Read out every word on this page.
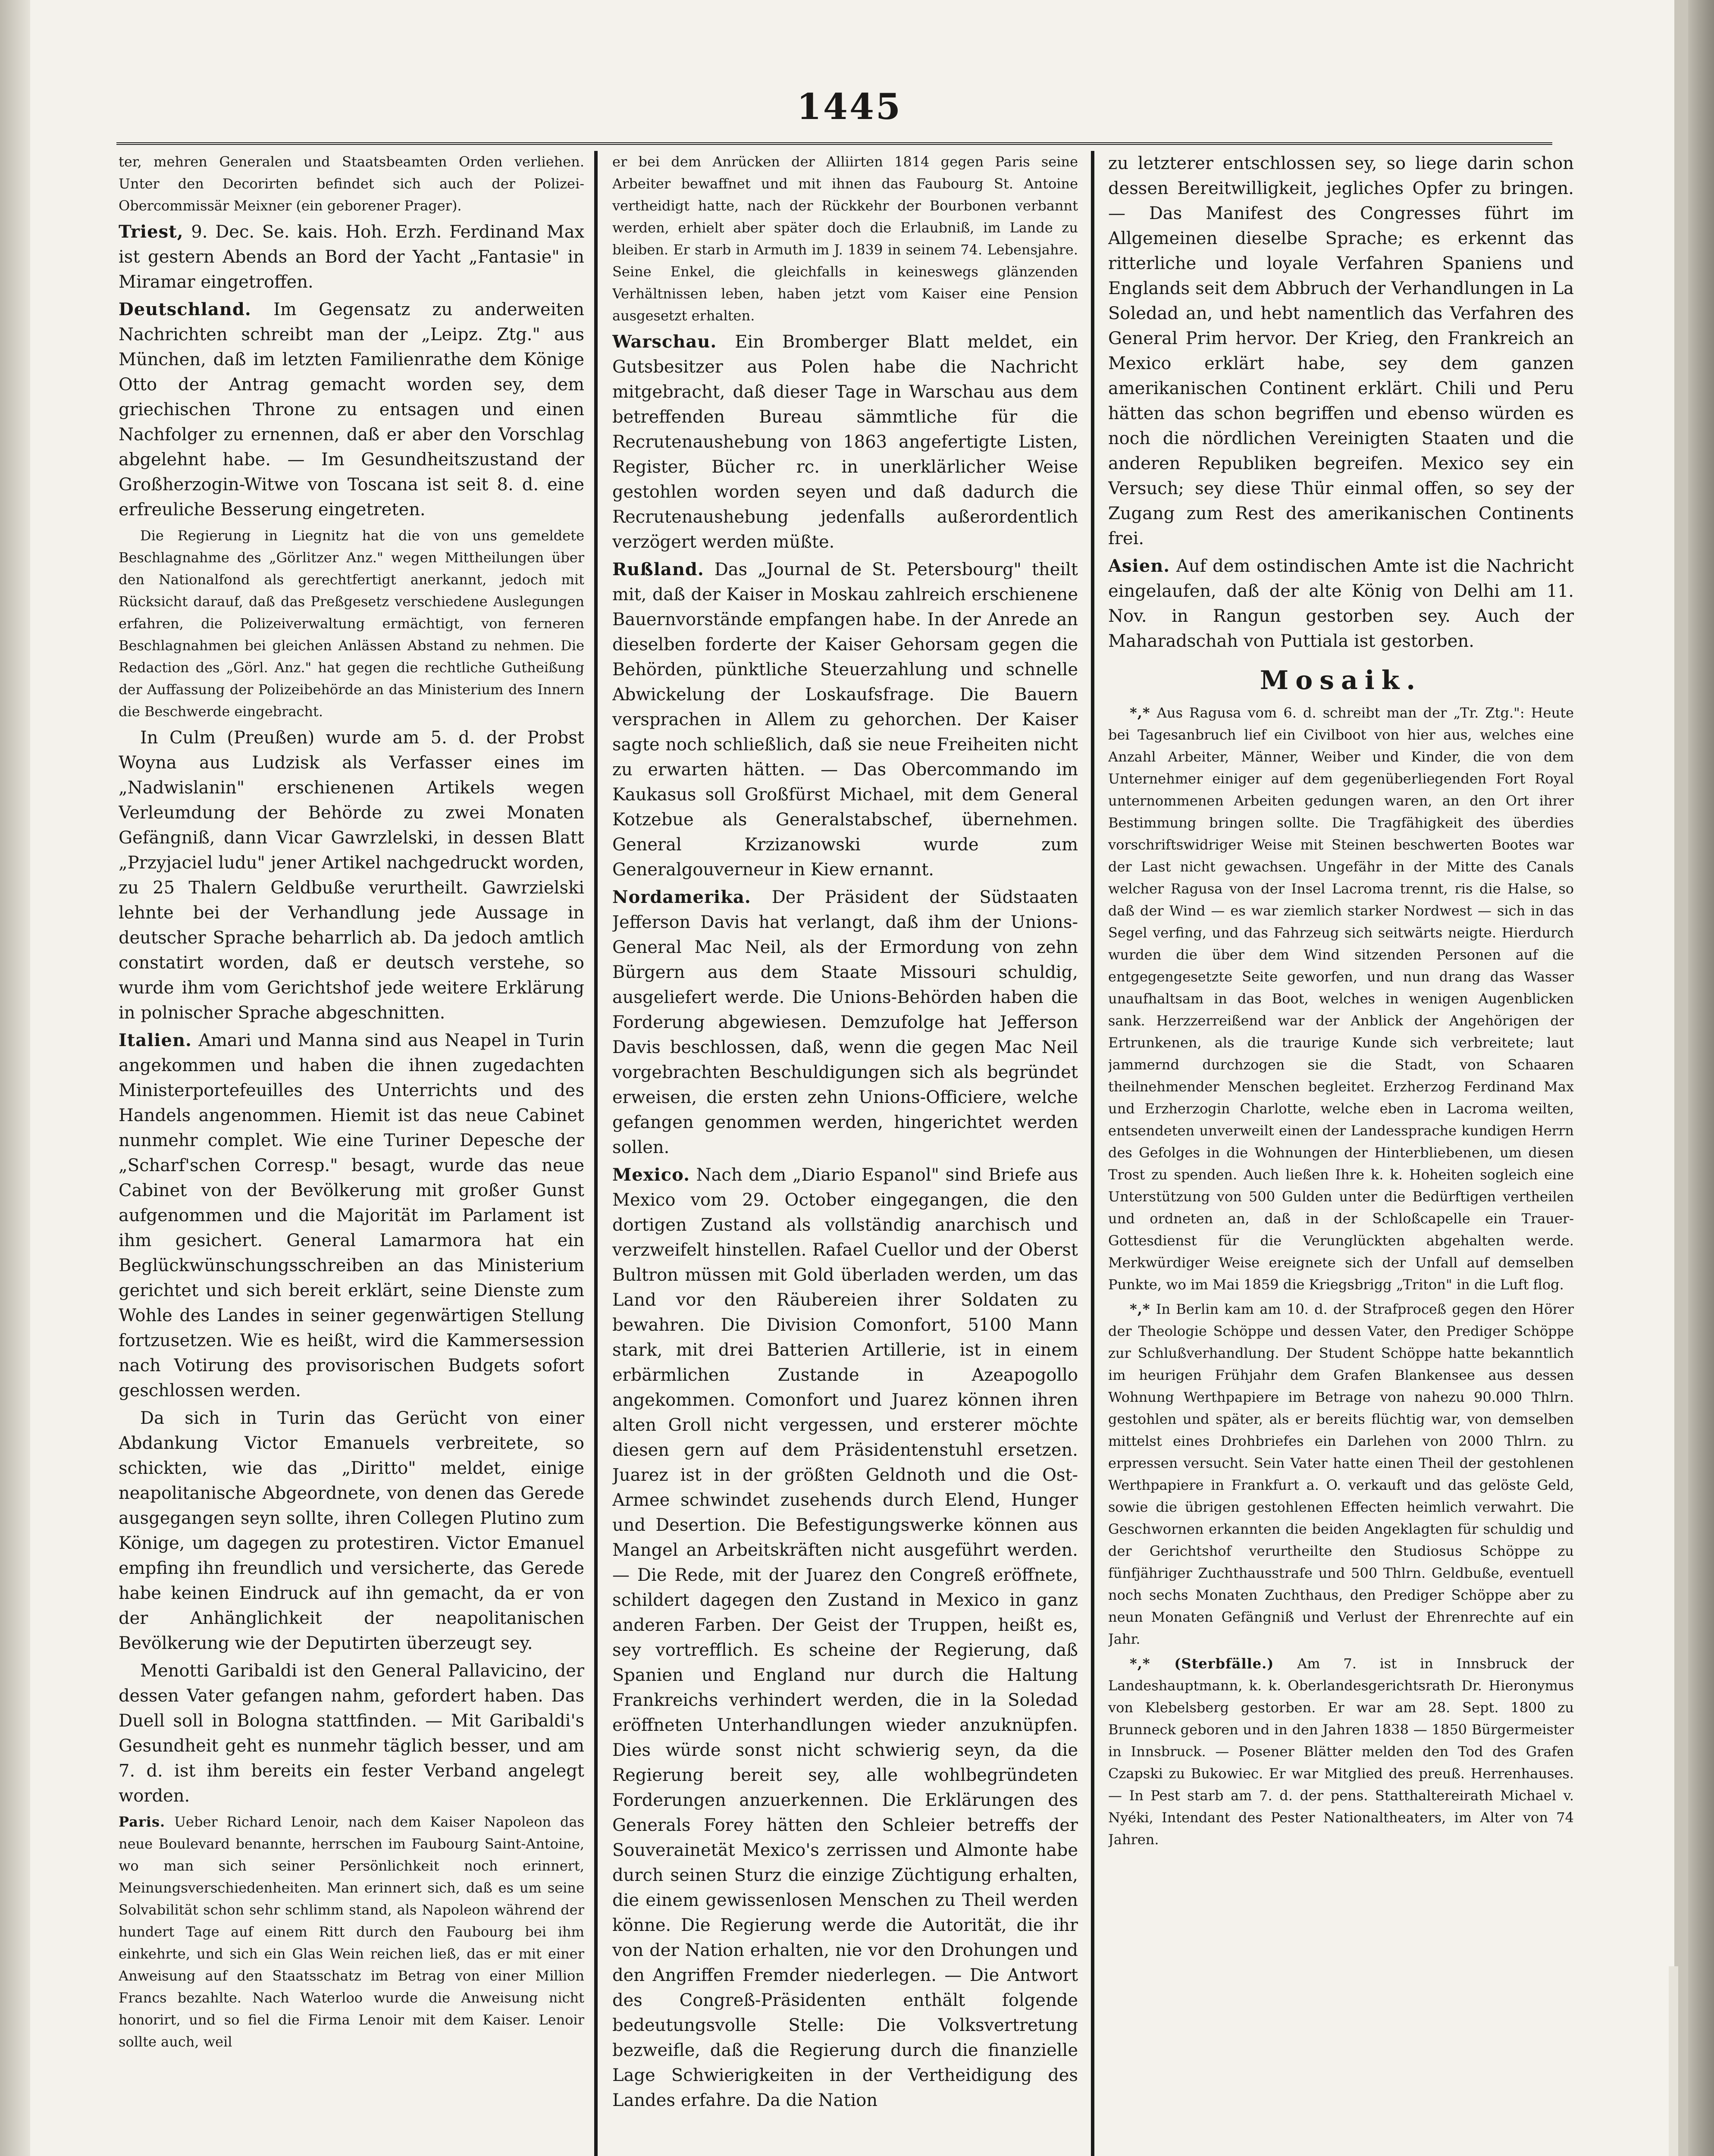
1445

ter, mehren Generalen und Staatsbeamten Orden verliehen. Unter den Decorirten befindet sich auch der Polizei-Obercommissär Meixner (ein geborener Prager).

Triest, 9. Dec. Se. kais. Hoh. Erzh. Ferdinand Max ist gestern Abends an Bord der Yacht „Fantasie" in Miramar eingetroffen.

Deutschland. Im Gegensatz zu anderweiten Nachrichten schreibt man der „Leipz. Ztg." aus München, daß im letzten Familienrathe dem Könige Otto der Antrag gemacht worden sey, dem griechischen Throne zu entsagen und einen Nachfolger zu ernennen, daß er aber den Vorschlag abgelehnt habe. — Im Gesundheitszustand der Großherzogin-Witwe von Toscana ist seit 8. d. eine erfreuliche Besserung eingetreten.

Die Regierung in Liegnitz hat die von uns gemeldete Beschlagnahme des „Görlitzer Anz." wegen Mittheilungen über den Nationalfond als gerechtfertigt anerkannt, jedoch mit Rücksicht darauf, daß das Preßgesetz verschiedene Auslegungen erfahren, die Polizeiverwaltung ermächtigt, von ferneren Beschlagnahmen bei gleichen Anlässen Abstand zu nehmen. Die Redaction des „Görl. Anz." hat gegen die rechtliche Gutheißung der Auffassung der Polizeibehörde an das Ministerium des Innern die Beschwerde eingebracht.

In Culm (Preußen) wurde am 5. d. der Probst Woyna aus Ludzisk als Verfasser eines im „Nadwislanin" erschienenen Artikels wegen Verleumdung der Behörde zu zwei Monaten Gefängniß, dann Vicar Gawrzlelski, in dessen Blatt „Przyjaciel ludu" jener Artikel nachgedruckt worden, zu 25 Thalern Geldbuße verurtheilt. Gawrzielski lehnte bei der Verhandlung jede Aussage in deutscher Sprache beharrlich ab. Da jedoch amtlich constatirt worden, daß er deutsch verstehe, so wurde ihm vom Gerichtshof jede weitere Erklärung in polnischer Sprache abgeschnitten.

Italien. Amari und Manna sind aus Neapel in Turin angekommen und haben die ihnen zugedachten Ministerportefeuilles des Unterrichts und des Handels angenommen. Hiemit ist das neue Cabinet nunmehr complet. Wie eine Turiner Depesche der „Scharf'schen Corresp." besagt, wurde das neue Cabinet von der Bevölkerung mit großer Gunst aufgenommen und die Majorität im Parlament ist ihm gesichert. General Lamarmora hat ein Beglückwünschungsschreiben an das Ministerium gerichtet und sich bereit erklärt, seine Dienste zum Wohle des Landes in seiner gegenwärtigen Stellung fortzusetzen. Wie es heißt, wird die Kammersession nach Votirung des provisorischen Budgets sofort geschlossen werden.

Da sich in Turin das Gerücht von einer Abdankung Victor Emanuels verbreitete, so schickten, wie das „Diritto" meldet, einige neapolitanische Abgeordnete, von denen das Gerede ausgegangen seyn sollte, ihren Collegen Plutino zum Könige, um dagegen zu protestiren. Victor Emanuel empfing ihn freundlich und versicherte, das Gerede habe keinen Eindruck auf ihn gemacht, da er von der Anhänglichkeit der neapolitanischen Bevölkerung wie der Deputirten überzeugt sey.

Menotti Garibaldi ist den General Pallavicino, der dessen Vater gefangen nahm, gefordert haben. Das Duell soll in Bologna stattfinden. — Mit Garibaldi's Gesundheit geht es nunmehr täglich besser, und am 7. d. ist ihm bereits ein fester Verband angelegt worden.

Paris. Ueber Richard Lenoir, nach dem Kaiser Napoleon das neue Boulevard benannte, herrschen im Faubourg Saint-Antoine, wo man sich seiner Persönlichkeit noch erinnert, Meinungsverschiedenheiten. Man erinnert sich, daß es um seine Solvabilität schon sehr schlimm stand, als Napoleon während der hundert Tage auf einem Ritt durch den Faubourg bei ihm einkehrte, und sich ein Glas Wein reichen ließ, das er mit einer Anweisung auf den Staatsschatz im Betrag von einer Million Francs bezahlte. Nach Waterloo wurde die Anweisung nicht honorirt, und so fiel die Firma Lenoir mit dem Kaiser. Lenoir sollte auch, weil

er bei dem Anrücken der Alliirten 1814 gegen Paris seine Arbeiter bewaffnet und mit ihnen das Faubourg St. Antoine vertheidigt hatte, nach der Rückkehr der Bourbonen verbannt werden, erhielt aber später doch die Erlaubniß, im Lande zu bleiben. Er starb in Armuth im J. 1839 in seinem 74. Lebensjahre. Seine Enkel, die gleichfalls in keineswegs glänzenden Verhältnissen leben, haben jetzt vom Kaiser eine Pension ausgesetzt erhalten.

Warschau. Ein Bromberger Blatt meldet, ein Gutsbesitzer aus Polen habe die Nachricht mitgebracht, daß dieser Tage in Warschau aus dem betreffenden Bureau sämmtliche für die Recrutenaushebung von 1863 angefertigte Listen, Register, Bücher rc. in unerklärlicher Weise gestohlen worden seyen und daß dadurch die Recrutenaushebung jedenfalls außerordentlich verzögert werden müßte.

Rußland. Das „Journal de St. Petersbourg" theilt mit, daß der Kaiser in Moskau zahlreich erschienene Bauernvorstände empfangen habe. In der Anrede an dieselben forderte der Kaiser Gehorsam gegen die Behörden, pünktliche Steuerzahlung und schnelle Abwickelung der Loskaufsfrage. Die Bauern versprachen in Allem zu gehorchen. Der Kaiser sagte noch schließlich, daß sie neue Freiheiten nicht zu erwarten hätten. — Das Obercommando im Kaukasus soll Großfürst Michael, mit dem General Kotzebue als Generalstabschef, übernehmen. General Krzizanowski wurde zum Generalgouverneur in Kiew ernannt.

Nordamerika. Der Präsident der Südstaaten Jefferson Davis hat verlangt, daß ihm der Unions-General Mac Neil, als der Ermordung von zehn Bürgern aus dem Staate Missouri schuldig, ausgeliefert werde. Die Unions-Behörden haben die Forderung abgewiesen. Demzufolge hat Jefferson Davis beschlossen, daß, wenn die gegen Mac Neil vorgebrachten Beschuldigungen sich als begründet erweisen, die ersten zehn Unions-Officiere, welche gefangen genommen werden, hingerichtet werden sollen.

Mexico. Nach dem „Diario Espanol" sind Briefe aus Mexico vom 29. October eingegangen, die den dortigen Zustand als vollständig anarchisch und verzweifelt hinstellen. Rafael Cuellor und der Oberst Bultron müssen mit Gold überladen werden, um das Land vor den Räubereien ihrer Soldaten zu bewahren. Die Division Comonfort, 5100 Mann stark, mit drei Batterien Artillerie, ist in einem erbärmlichen Zustande in Azeapogollo angekommen. Comonfort und Juarez können ihren alten Groll nicht vergessen, und ersterer möchte diesen gern auf dem Präsidentenstuhl ersetzen. Juarez ist in der größten Geldnoth und die Ost-Armee schwindet zusehends durch Elend, Hunger und Desertion. Die Befestigungswerke können aus Mangel an Arbeitskräften nicht ausgeführt werden. — Die Rede, mit der Juarez den Congreß eröffnete, schildert dagegen den Zustand in Mexico in ganz anderen Farben. Der Geist der Truppen, heißt es, sey vortrefflich. Es scheine der Regierung, daß Spanien und England nur durch die Haltung Frankreichs verhindert werden, die in la Soledad eröffneten Unterhandlungen wieder anzuknüpfen. Dies würde sonst nicht schwierig seyn, da die Regierung bereit sey, alle wohlbegründeten Forderungen anzuerkennen. Die Erklärungen des Generals Forey hätten den Schleier betreffs der Souverainetät Mexico's zerrissen und Almonte habe durch seinen Sturz die einzige Züchtigung erhalten, die einem gewissenlosen Menschen zu Theil werden könne. Die Regierung werde die Autorität, die ihr von der Nation erhalten, nie vor den Drohungen und den Angriffen Fremder niederlegen. — Die Antwort des Congreß-Präsidenten enthält folgende bedeutungsvolle Stelle: Die Volksvertretung bezweifle, daß die Regierung durch die finanzielle Lage Schwierigkeiten in der Vertheidigung des Landes erfahre. Da die Nation

zu letzterer entschlossen sey, so liege darin schon dessen Bereitwilligkeit, jegliches Opfer zu bringen. — Das Manifest des Congresses führt im Allgemeinen dieselbe Sprache; es erkennt das ritterliche und loyale Verfahren Spaniens und Englands seit dem Abbruch der Verhandlungen in La Soledad an, und hebt namentlich das Verfahren des General Prim hervor. Der Krieg, den Frankreich an Mexico erklärt habe, sey dem ganzen amerikanischen Continent erklärt. Chili und Peru hätten das schon begriffen und ebenso würden es noch die nördlichen Vereinigten Staaten und die anderen Republiken begreifen. Mexico sey ein Versuch; sey diese Thür einmal offen, so sey der Zugang zum Rest des amerikanischen Continents frei.

Asien. Auf dem ostindischen Amte ist die Nachricht eingelaufen, daß der alte König von Delhi am 11. Nov. in Rangun gestorben sey. Auch der Maharadschah von Puttiala ist gestorben.

Mosaik.

*,* Aus Ragusa vom 6. d. schreibt man der „Tr. Ztg.": Heute bei Tagesanbruch lief ein Civilboot von hier aus, welches eine Anzahl Arbeiter, Männer, Weiber und Kinder, die von dem Unternehmer einiger auf dem gegenüberliegenden Fort Royal unternommenen Arbeiten gedungen waren, an den Ort ihrer Bestimmung bringen sollte. Die Tragfähigkeit des überdies vorschriftswidriger Weise mit Steinen beschwerten Bootes war der Last nicht gewachsen. Ungefähr in der Mitte des Canals welcher Ragusa von der Insel Lacroma trennt, ris die Halse, so daß der Wind — es war ziemlich starker Nordwest — sich in das Segel verfing, und das Fahrzeug sich seitwärts neigte. Hierdurch wurden die über dem Wind sitzenden Personen auf die entgegengesetzte Seite geworfen, und nun drang das Wasser unaufhaltsam in das Boot, welches in wenigen Augenblicken sank. Herzzerreißend war der Anblick der Angehörigen der Ertrunkenen, als die traurige Kunde sich verbreitete; laut jammernd durchzogen sie die Stadt, von Schaaren theilnehmender Menschen begleitet. Erzherzog Ferdinand Max und Erzherzogin Charlotte, welche eben in Lacroma weilten, entsendeten unverweilt einen der Landessprache kundigen Herrn des Gefolges in die Wohnungen der Hinterbliebenen, um diesen Trost zu spenden. Auch ließen Ihre k. k. Hoheiten sogleich eine Unterstützung von 500 Gulden unter die Bedürftigen vertheilen und ordneten an, daß in der Schloßcapelle ein Trauer-Gottesdienst für die Verunglückten abgehalten werde. Merkwürdiger Weise ereignete sich der Unfall auf demselben Punkte, wo im Mai 1859 die Kriegsbrigg „Triton" in die Luft flog.

*,* In Berlin kam am 10. d. der Strafproceß gegen den Hörer der Theologie Schöppe und dessen Vater, den Prediger Schöppe zur Schlußverhandlung. Der Student Schöppe hatte bekanntlich im heurigen Frühjahr dem Grafen Blankensee aus dessen Wohnung Werthpapiere im Betrage von nahezu 90.000 Thlrn. gestohlen und später, als er bereits flüchtig war, von demselben mittelst eines Drohbriefes ein Darlehen von 2000 Thlrn. zu erpressen versucht. Sein Vater hatte einen Theil der gestohlenen Werthpapiere in Frankfurt a. O. verkauft und das gelöste Geld, sowie die übrigen gestohlenen Effecten heimlich verwahrt. Die Geschwornen erkannten die beiden Angeklagten für schuldig und der Gerichtshof verurtheilte den Studiosus Schöppe zu fünfjähriger Zuchthausstrafe und 500 Thlrn. Geldbuße, eventuell noch sechs Monaten Zuchthaus, den Prediger Schöppe aber zu neun Monaten Gefängniß und Verlust der Ehrenrechte auf ein Jahr.

*,* (Sterbfälle.) Am 7. ist in Innsbruck der Landeshauptmann, k. k. Oberlandesgerichtsrath Dr. Hieronymus von Klebelsberg gestorben. Er war am 28. Sept. 1800 zu Brunneck geboren und in den Jahren 1838 — 1850 Bürgermeister in Innsbruck. — Posener Blätter melden den Tod des Grafen Czapski zu Bukowiec. Er war Mitglied des preuß. Herrenhauses. — In Pest starb am 7. d. der pens. Statthaltereirath Michael v. Nyéki, Intendant des Pester Nationaltheaters, im Alter von 74 Jahren.
